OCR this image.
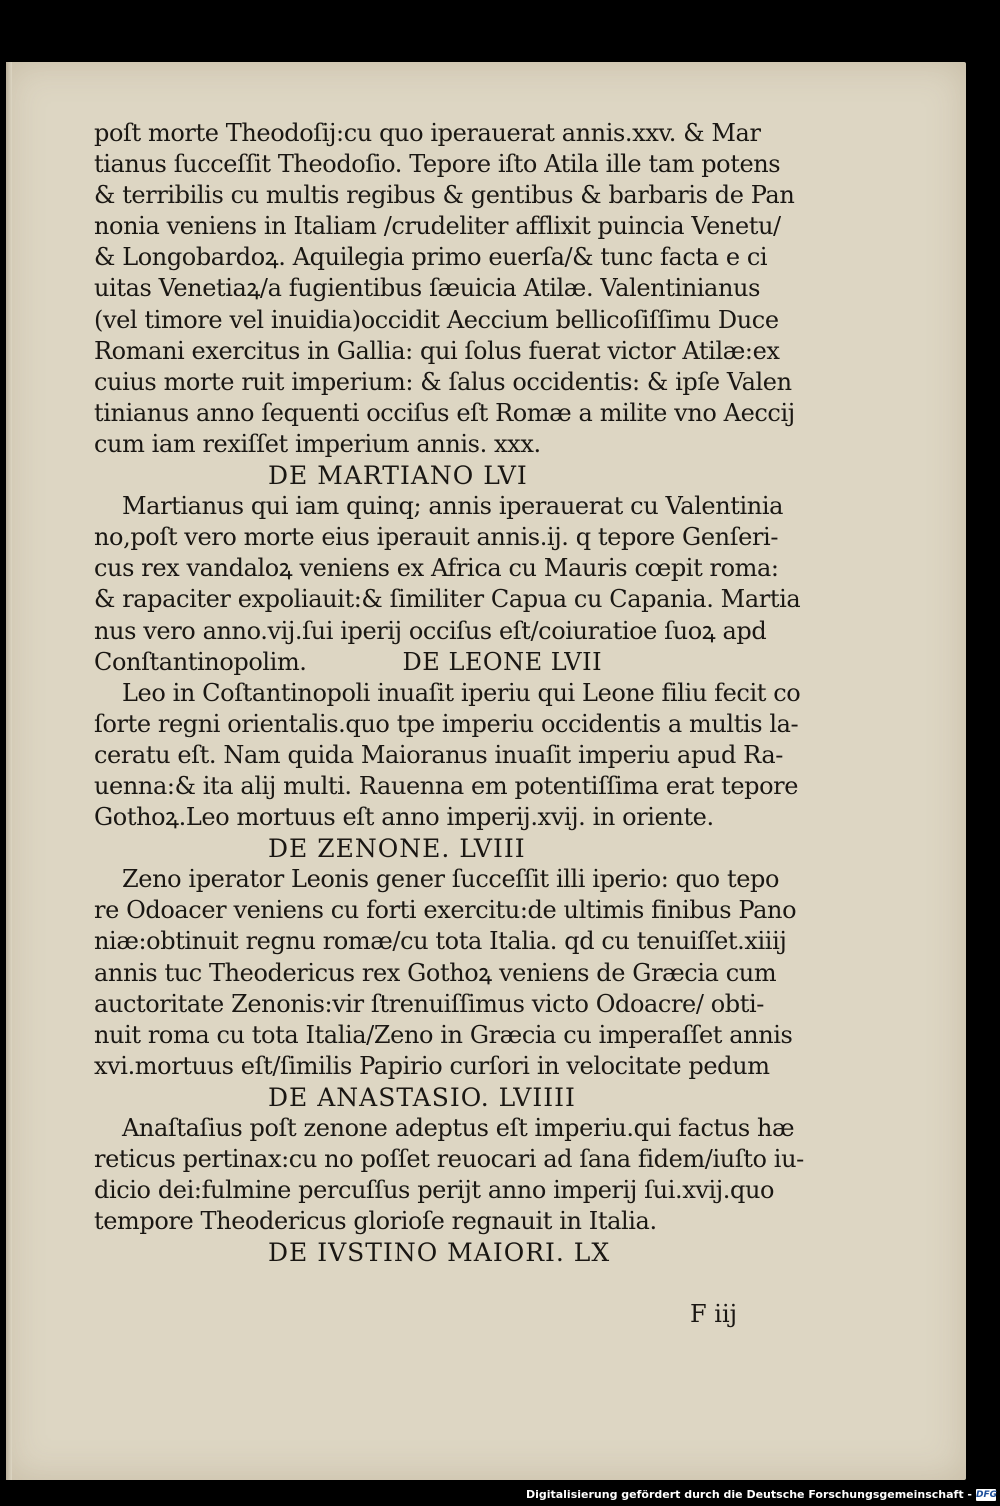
poſt morte Theodoſij:cu quo iperauerat annis.xxv. & Mar
tianus ſucceſſit Theodoſio. Tepore iſto Atila ille tam potens
& terribilis cu multis regibus & gentibus & barbaris de Pan
nonia veniens in Italiam /crudeliter afflixit puincia Venetu/
& Longobardoꝝ. Aquilegia primo euerſa/& tunc facta e ci
uitas Venetiaꝝ/a fugientibus ſæuicia Atilæ. Valentinianus
(vel timore vel inuidia)occidit Aeccium bellicoſiſſimu Duce
Romani exercitus in Gallia: qui ſolus fuerat victor Atilæ:ex
cuius morte ruit imperium: & ſalus occidentis: & ipſe Valen
tinianus anno ſequenti occiſus eſt Romæ a milite vno Aeccij
cum iam rexiſſet imperium annis. xxx.
DE MARTIANO LVI
Martianus qui iam quinq; annis iperauerat cu Valentinia
no,poſt vero morte eius iperauit annis.ij. q tepore Genſeri-
cus rex vandaloꝝ veniens ex Africa cu Mauris cœpit roma:
& rapaciter expoliauit:& ſimiliter Capua cu Capania. Martia
nus vero anno.vij.ſui iperij occiſus eſt/coiuratioe ſuoꝝ apd
Conſtantinopolim.	DE LEONE LVII
Leo in Coſtantinopoli inuaſit iperiu qui Leone filiu fecit co
ſorte regni orientalis.quo tpe imperiu occidentis a multis la-
ceratu eſt. Nam quida Maioranus inuaſit imperiu apud Ra-
uenna:& ita alij multi. Rauenna em potentiſſima erat tepore
Gothoꝝ.Leo mortuus eſt anno imperij.xvij. in oriente.
DE ZENONE. LVIII
Zeno iperator Leonis gener ſucceſſit illi iperio: quo tepo
re Odoacer veniens cu forti exercitu:de ultimis finibus Pano
niæ:obtinuit regnu romæ/cu tota Italia. qd cu tenuiſſet.xiiij
annis tuc Theodericus rex Gothoꝝ veniens de Græcia cum
auctoritate Zenonis:vir ſtrenuiſſimus victo Odoacre/ obti-
nuit roma cu tota Italia/Zeno in Græcia cu imperaſſet annis
xvi.mortuus eſt/ſimilis Papirio curſori in velocitate pedum
DE ANASTASIO. LVIIII
Anaſtaſius poſt zenone adeptus eſt imperiu.qui factus hæ
reticus pertinax:cu no poſſet reuocari ad ſana fidem/iuſto iu-
dicio dei:fulmine percuſſus perijt anno imperij ſui.xvij.quo
tempore Theodericus glorioſe regnauit in Italia.
DE IVSTINO MAIORI. LX
F iij
Digitalisierung gefördert durch die Deutsche Forschungsgemeinschaft - DFG
